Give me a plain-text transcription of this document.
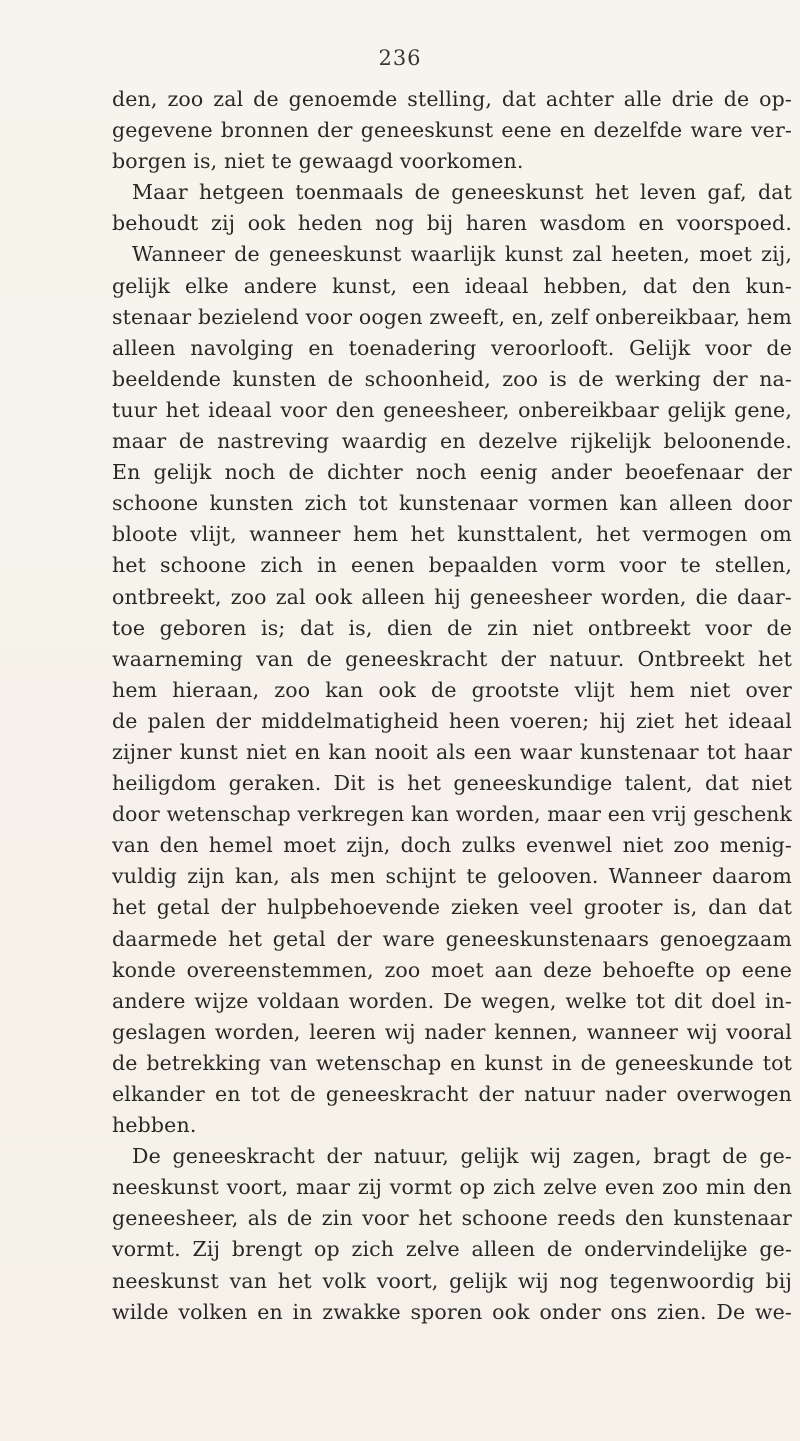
236
den, zoo zal de genoemde stelling, dat achter alle drie de op-
gegevene bronnen der geneeskunst eene en dezelfde ware ver-
borgen is, niet te gewaagd voorkomen.
Maar hetgeen toenmaals de geneeskunst het leven gaf, dat
behoudt zij ook heden nog bij haren wasdom en voorspoed.
Wanneer de geneeskunst waarlijk kunst zal heeten, moet zij,
gelijk elke andere kunst, een ideaal hebben, dat den kun-
stenaar bezielend voor oogen zweeft, en, zelf onbereikbaar, hem
alleen navolging en toenadering veroorlooft. Gelijk voor de
beeldende kunsten de schoonheid, zoo is de werking der na-
tuur het ideaal voor den geneesheer, onbereikbaar gelijk gene,
maar de nastreving waardig en dezelve rijkelijk beloonende.
En gelijk noch de dichter noch eenig ander beoefenaar der
schoone kunsten zich tot kunstenaar vormen kan alleen door
bloote vlijt, wanneer hem het kunsttalent, het vermogen om
het schoone zich in eenen bepaalden vorm voor te stellen,
ontbreekt, zoo zal ook alleen hij geneesheer worden, die daar-
toe geboren is; dat is, dien de zin niet ontbreekt voor de
waarneming van de geneeskracht der natuur. Ontbreekt het
hem hieraan, zoo kan ook de grootste vlijt hem niet over
de palen der middelmatigheid heen voeren; hij ziet het ideaal
zijner kunst niet en kan nooit als een waar kunstenaar tot haar
heiligdom geraken. Dit is het geneeskundige talent, dat niet
door wetenschap verkregen kan worden, maar een vrij geschenk
van den hemel moet zijn, doch zulks evenwel niet zoo menig-
vuldig zijn kan, als men schijnt te gelooven. Wanneer daarom
het getal der hulpbehoevende zieken veel grooter is, dan dat
daarmede het getal der ware geneeskunstenaars genoegzaam
konde overeenstemmen, zoo moet aan deze behoefte op eene
andere wijze voldaan worden. De wegen, welke tot dit doel in-
geslagen worden, leeren wij nader kennen, wanneer wij vooral
de betrekking van wetenschap en kunst in de geneeskunde tot
elkander en tot de geneeskracht der natuur nader overwogen
hebben.
De geneeskracht der natuur, gelijk wij zagen, bragt de ge-
neeskunst voort, maar zij vormt op zich zelve even zoo min den
geneesheer, als de zin voor het schoone reeds den kunstenaar
vormt. Zij brengt op zich zelve alleen de ondervindelijke ge-
neeskunst van het volk voort, gelijk wij nog tegenwoordig bij
wilde volken en in zwakke sporen ook onder ons zien. De we-
